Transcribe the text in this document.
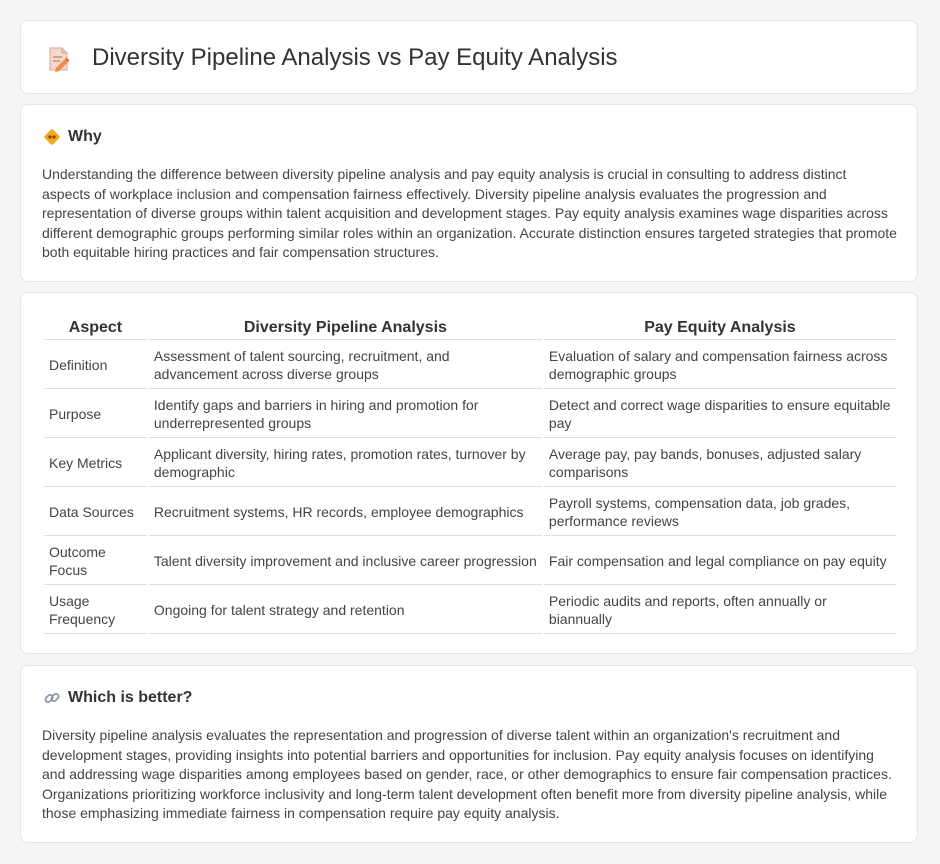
Diversity Pipeline Analysis vs Pay Equity Analysis
Why

Understanding the difference between diversity pipeline analysis and pay equity analysis is crucial in consulting to address distinct aspects of workplace inclusion and compensation fairness effectively. Diversity pipeline analysis evaluates the progression and representation of diverse groups within talent acquisition and development stages. Pay equity analysis examines wage disparities across different demographic groups performing similar roles within an organization. Accurate distinction ensures targeted strategies that promote both equitable hiring practices and fair compensation structures.

Aspect	Diversity Pipeline Analysis	Pay Equity Analysis
Definition	Assessment of talent sourcing, recruitment, and advancement across diverse groups	Evaluation of salary and compensation fairness across demographic groups
Purpose	Identify gaps and barriers in hiring and promotion for underrepresented groups	Detect and correct wage disparities to ensure equitable pay
Key Metrics	Applicant diversity, hiring rates, promotion rates, turnover by demographic	Average pay, pay bands, bonuses, adjusted salary comparisons
Data Sources	Recruitment systems, HR records, employee demographics	Payroll systems, compensation data, job grades, performance reviews
Outcome Focus	Talent diversity improvement and inclusive career progression	Fair compensation and legal compliance on pay equity
Usage Frequency	Ongoing for talent strategy and retention	Periodic audits and reports, often annually or biannually
Which is better?

Diversity pipeline analysis evaluates the representation and progression of diverse talent within an organization's recruitment and development stages, providing insights into potential barriers and opportunities for inclusion. Pay equity analysis focuses on identifying and addressing wage disparities among employees based on gender, race, or other demographics to ensure fair compensation practices. Organizations prioritizing workforce inclusivity and long-term talent development often benefit more from diversity pipeline analysis, while those emphasizing immediate fairness in compensation require pay equity analysis.
